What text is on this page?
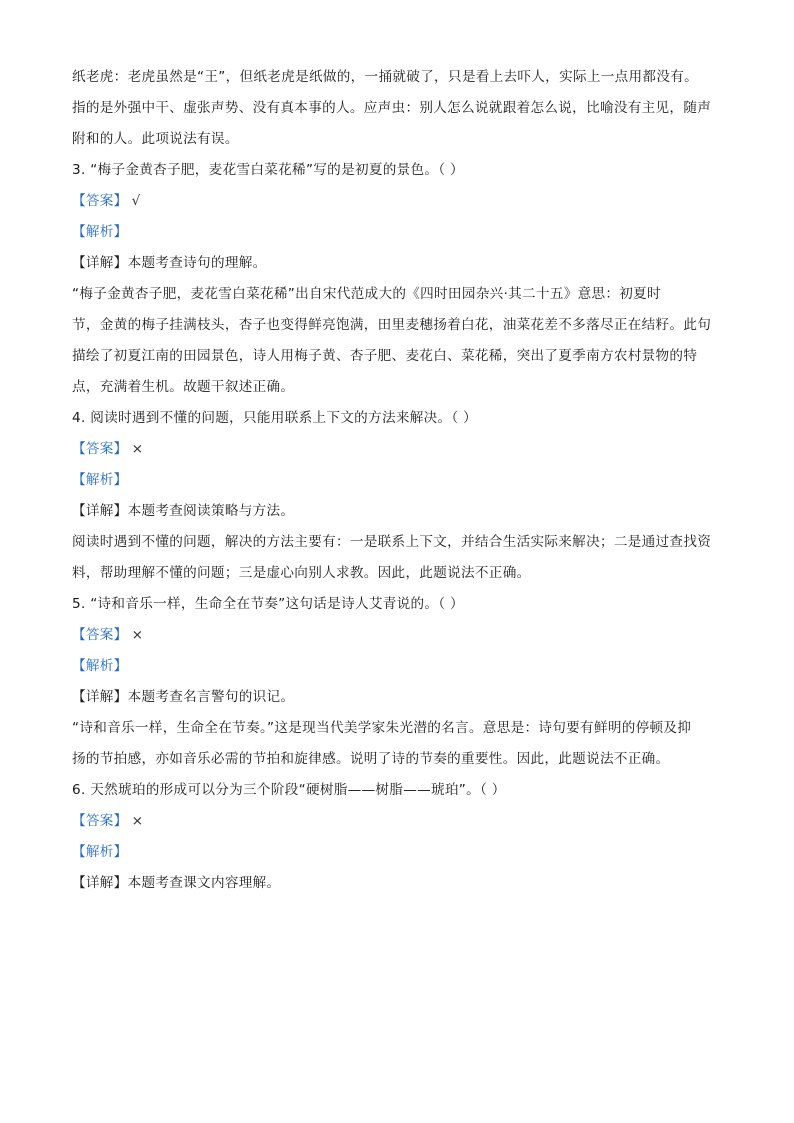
纸老虎：老虎虽然是“王”，但纸老虎是纸做的，一捅就破了，只是看上去吓人，实际上一点用都没有。
指的是外强中干、虚张声势、没有真本事的人。应声虫：别人怎么说就跟着怎么说，比喻没有主见，随声
附和的人。此项说法有误。
3. “梅子金黄杏子肥，麦花雪白菜花稀”写的是初夏的景色。（ ）
【答案】 √
【解析】
【详解】本题考查诗句的理解。
“梅子金黄杏子肥，麦花雪白菜花稀”出自宋代范成大的《四时田园杂兴·其二十五》意思：初夏时
节，金黄的梅子挂满枝头，杏子也变得鲜亮饱满，田里麦穗扬着白花，油菜花差不多落尽正在结籽。此句
描绘了初夏江南的田园景色，诗人用梅子黄、杏子肥、麦花白、菜花稀，突出了夏季南方农村景物的特
点，充满着生机。故题干叙述正确。
4. 阅读时遇到不懂的问题，只能用联系上下文的方法来解决。（ ）
【答案】 ×
【解析】
【详解】本题考查阅读策略与方法。
阅读时遇到不懂的问题，解决的方法主要有：一是联系上下文，并结合生活实际来解决；二是通过查找资
料，帮助理解不懂的问题；三是虚心向别人求教。因此，此题说法不正确。
5. “诗和音乐一样，生命全在节奏”这句话是诗人艾青说的。（ ）
【答案】 ×
【解析】
【详解】本题考查名言警句的识记。
“诗和音乐一样，生命全在节奏。”这是现当代美学家朱光潜的名言。意思是：诗句要有鲜明的停顿及抑
扬的节拍感，亦如音乐必需的节拍和旋律感。说明了诗的节奏的重要性。因此，此题说法不正确。
6. 天然琥珀的形成可以分为三个阶段“硬树脂——树脂——琥珀”。（ ）
【答案】 ×
【解析】
【详解】本题考查课文内容理解。
